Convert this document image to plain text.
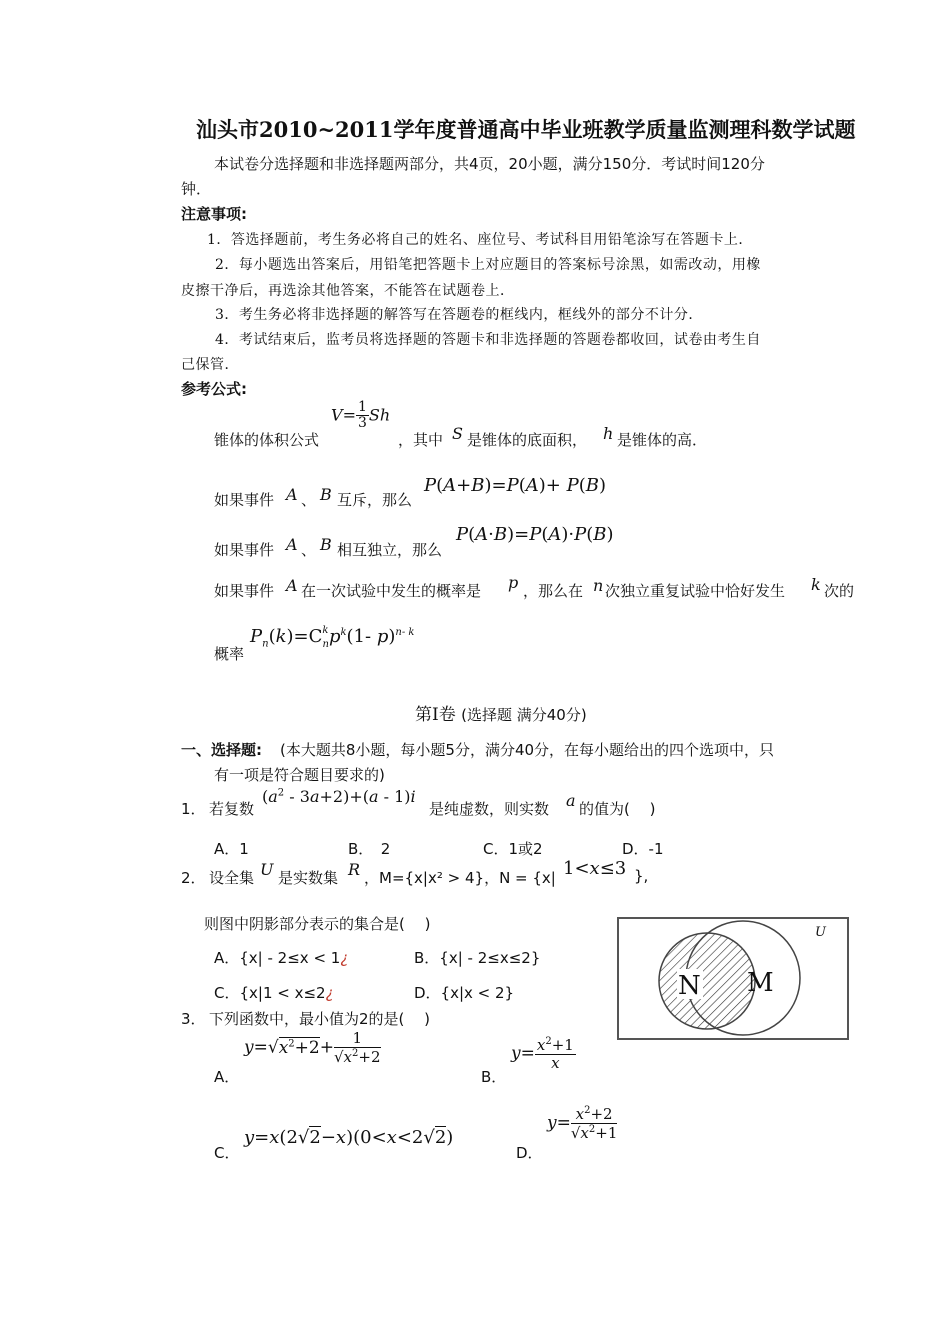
汕头市2010~2011学年度普通高中毕业班教学质量监测理科数学试题
本试卷分选择题和非选择题两部分，共4页，20小题，满分150分．考试时间120分
钟．
注意事项:
1．答选择题前，考生务必将自己的姓名、座位号、考试科目用铅笔涂写在答题卡上．
2．每小题选出答案后，用铅笔把答题卡上对应题目的答案标号涂黑，如需改动，用橡
皮擦干净后，再选涂其他答案，不能答在试题卷上．
3．考生务必将非选择题的解答写在答题卷的框线内，框线外的部分不计分．
4．考试结束后，监考员将选择题的答题卡和非选择题的答题卷都收回，试卷由考生自
己保管．
参考公式:
锥体的体积公式
$V= \frac{1}{3}$ Sh
，其中 S 是锥体的底面积， h 是锥体的高．
如果事件 A 、 B 互斥，那么
P(A+B)=P(A)+ P(B)
如果事件 A 、 B 相互独立，那么
P(A·B)=P(A)·P(B)
如果事件 A 在一次试验中发生的概率是 p ，那么在 n 次独立重复试验中恰好发生 k 次的
概率
$P_n(k)=C^k_np^k(1-$ p)$^{n- k}$
第Ⅰ卷 (选择题 满分40分)
一、选择题: (本大题共8小题，每小题5分，满分40分，在每小题给出的四个选项中，只
有一项是符合题目要求的)
1． 若复数
$(a^2 - 3a+2)+(a - 1)i$
是纯虚数，则实数 a 的值为(　 )
A．1	B．　2	C．1或2	D．-1
2． 设全集 U 是实数集 R ，M={x|x² > 4}，N = {x| 1<x≤3 },
则图中阴影部分表示的集合是(　 )
A．{x| - 2≤x < 1¿	B．{x| - 2≤x≤2}
C．{x|1 < x≤2¿	D．{x|x < 2}
U
N M
3． 下列函数中，最小值为2的是(　 )
A．
$y=√x^2+2+ \frac{1}{√x^2+2}$
B．
$y= \frac{x^2+1}{x}$
C．
y=x(2√2−x)(0<x<2√2)
D．
$y= \frac{x^2+2}{√x^2+1}$
